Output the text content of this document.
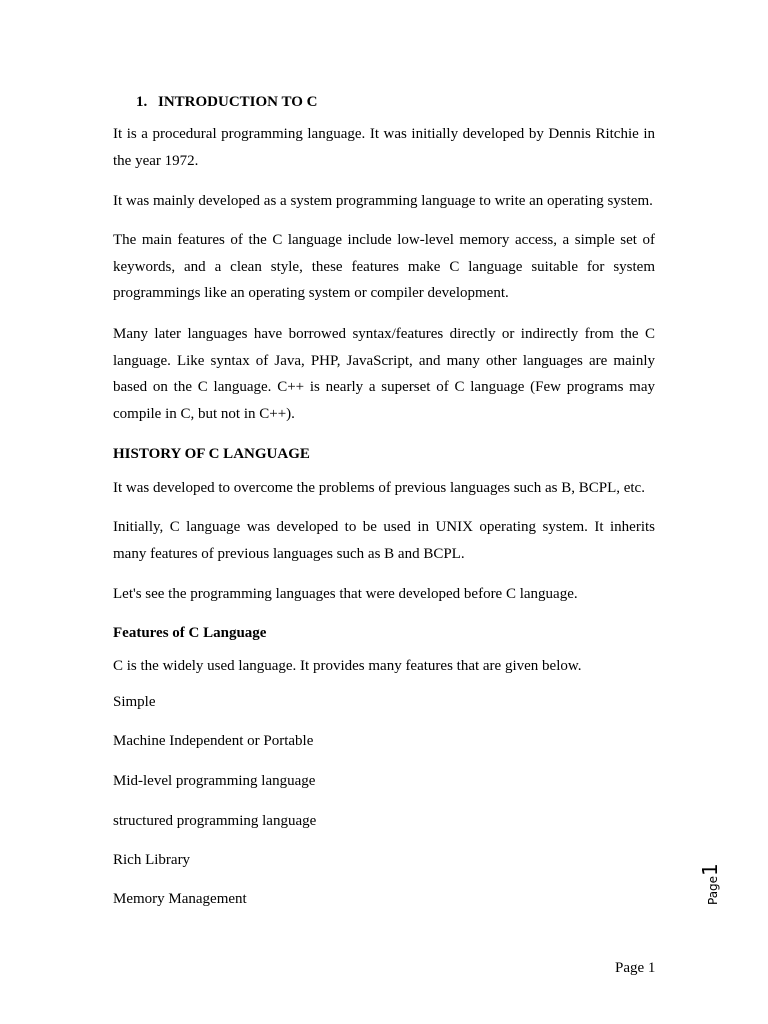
1. INTRODUCTION TO C

It is a procedural programming language. It was initially developed by Dennis Ritchie in the year 1972.

It was mainly developed as a system programming language to write an operating system.

The main features of the C language include low-level memory access, a simple set of keywords, and a clean style, these features make C language suitable for system programmings like an operating system or compiler development.

Many later languages have borrowed syntax/features directly or indirectly from the C language. Like syntax of Java, PHP, JavaScript, and many other languages are mainly based on the C language. C++ is nearly a superset of C language (Few programs may compile in C, but not in C++).

HISTORY OF C LANGUAGE

It was developed to overcome the problems of previous languages such as B, BCPL, etc.

Initially, C language was developed to be used in UNIX operating system. It inherits many features of previous languages such as B and BCPL.

Let's see the programming languages that were developed before C language.

Features of C Language

C is the widely used language. It provides many features that are given below.

Simple

Machine Independent or Portable

Mid-level programming language

structured programming language

Rich Library

Memory Management	Page1
Page 1
